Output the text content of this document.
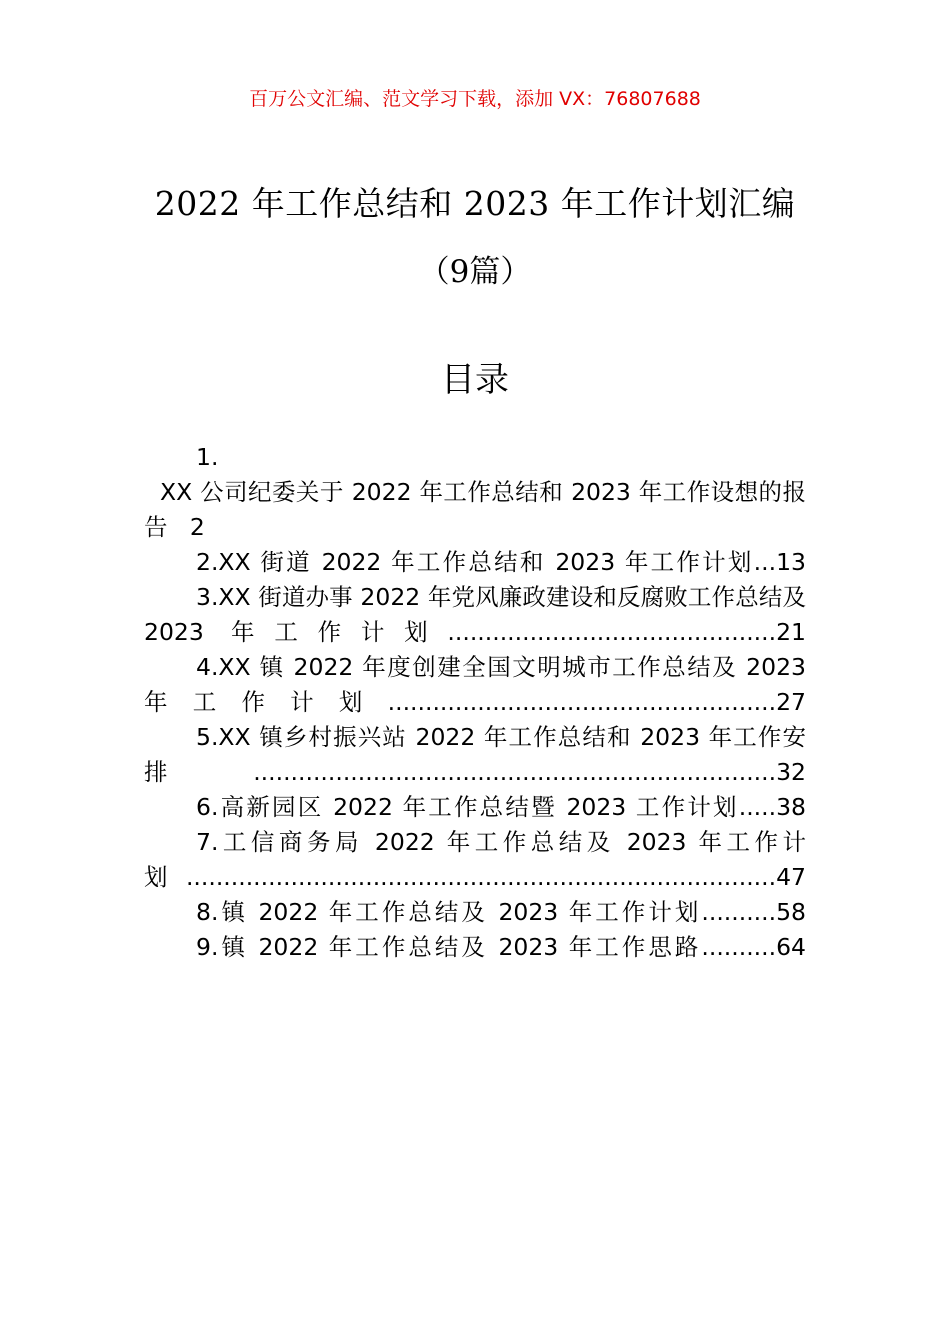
百万公文汇编、范文学习下载，添加 VX：76807688
2022 年工作总结和 2023 年工作计划汇编
（9篇）
目录

1.
XX 公司纪委关于 2022 年工作总结和 2023 年工作设想的报告 2

2.XX 街道 2022 年工作总结和 2023 年工作计划...13

3.XX 街道办事 2022 年党风廉政建设和反腐败工作总结及 2023 年工作计划............................................21

4.XX 镇 2022 年度创建全国文明城市工作总结及 2023 年工作计划....................................................27

5.XX 镇乡村振兴站 2022 年工作总结和 2023 年工作安排......................................................................32

6.高新园区 2022 年工作总结暨 2023 工作计划.....38

7.工信商务局 2022 年工作总结及 2023 年工作计划...............................................................................47

8.镇 2022 年工作总结及 2023 年工作计划..........58

9.镇 2022 年工作总结及 2023 年工作思路..........64
